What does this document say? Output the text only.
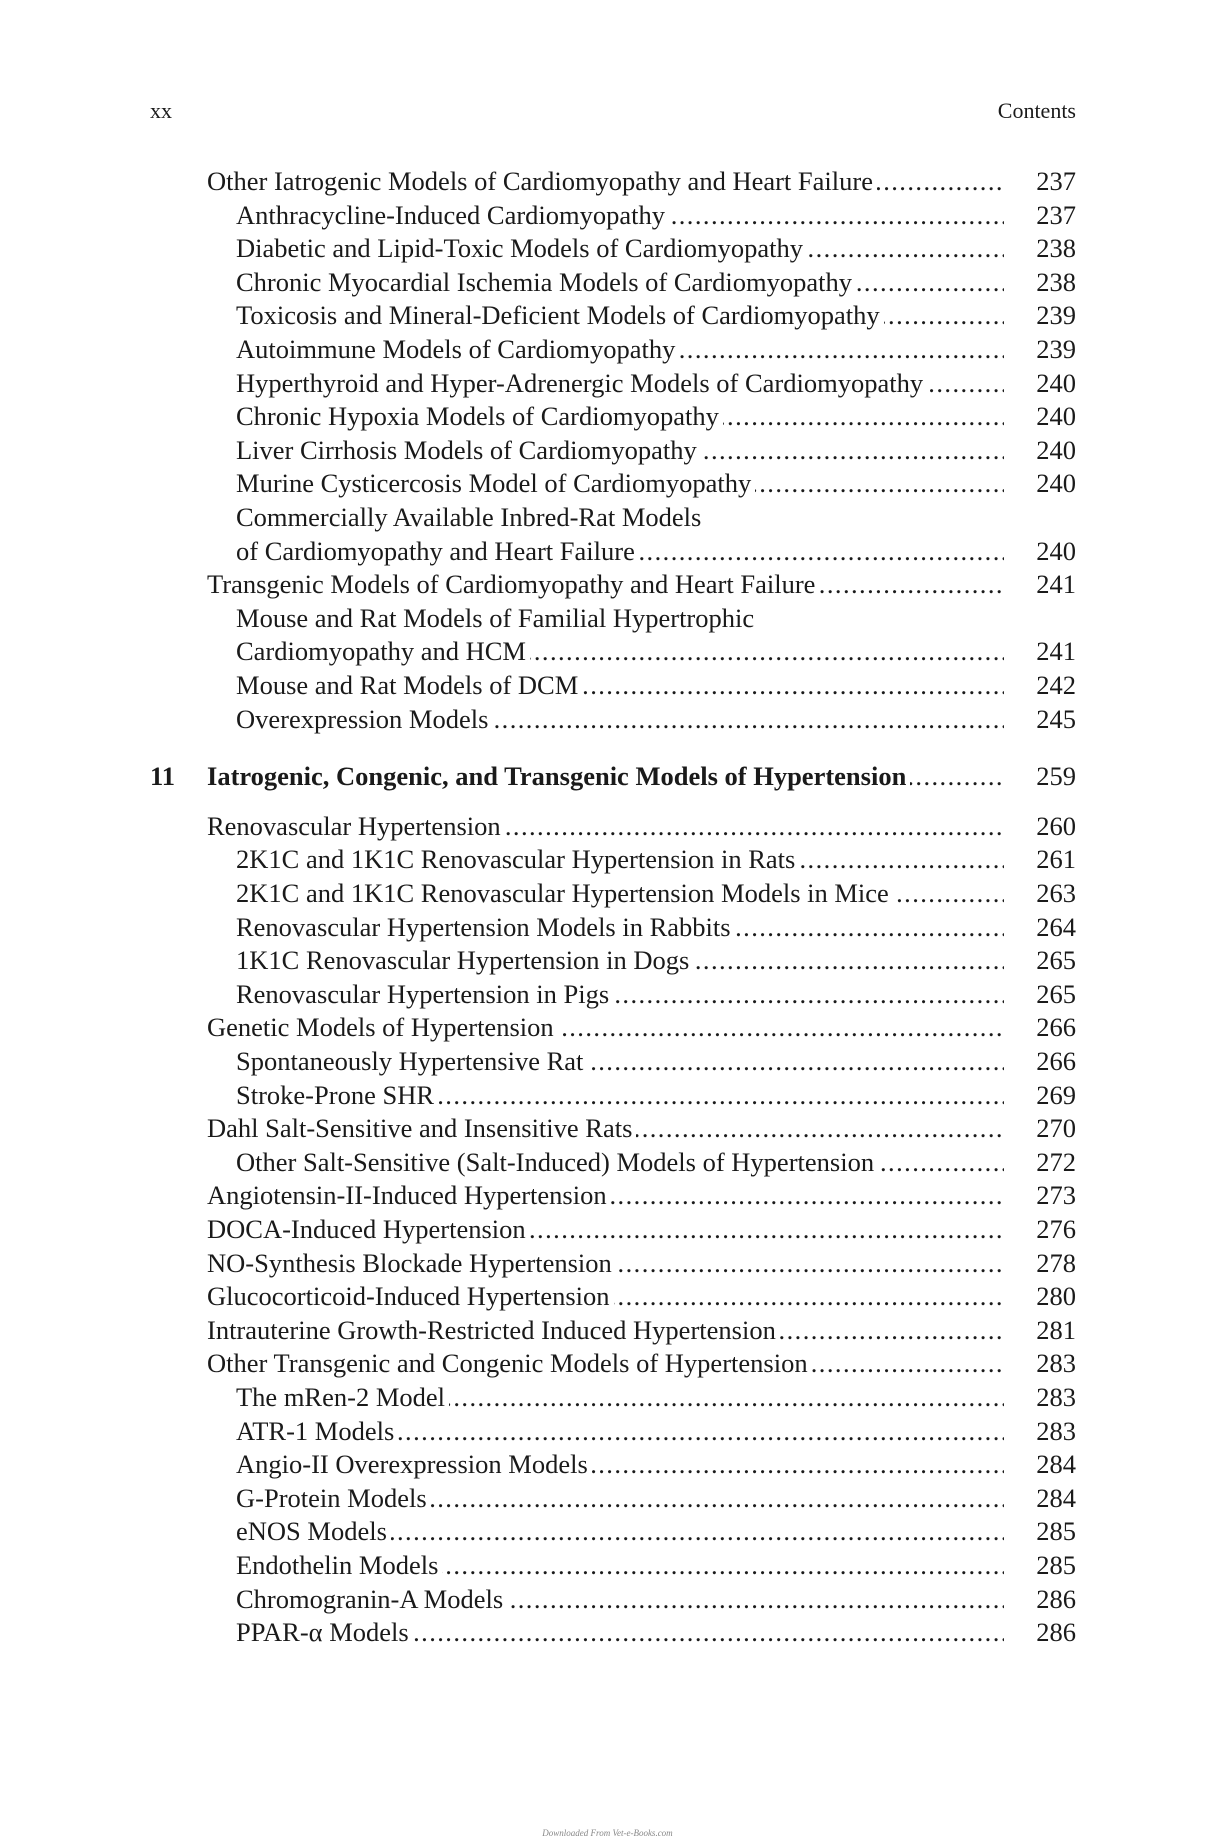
xx	Contents
Other Iatrogenic Models of Cardiomyopathy and Heart Failure . . .	237
Anthracycline-Induced Cardiomyopathy . . .	237
Diabetic and Lipid-Toxic Models of Cardiomyopathy . . .	238
Chronic Myocardial Ischemia Models of Cardiomyopathy . . .	238
Toxicosis and Mineral-Deficient Models of Cardiomyopathy . . .	239
Autoimmune Models of Cardiomyopathy . . .	239
Hyperthyroid and Hyper-Adrenergic Models of Cardiomyopathy . . .	240
Chronic Hypoxia Models of Cardiomyopathy . . .	240
Liver Cirrhosis Models of Cardiomyopathy . . .	240
Murine Cysticercosis Model of Cardiomyopathy . . .	240
Commercially Available Inbred-Rat Models
of Cardiomyopathy and Heart Failure . . .	240
Transgenic Models of Cardiomyopathy and Heart Failure . . .	241
Mouse and Rat Models of Familial Hypertrophic
Cardiomyopathy and HCM . . .	241
Mouse and Rat Models of DCM . . .	242
Overexpression Models . . .	245
11 Iatrogenic, Congenic, and Transgenic Models of Hypertension . . .	259
Renovascular Hypertension . . .	260
2K1C and 1K1C Renovascular Hypertension in Rats . . .	261
2K1C and 1K1C Renovascular Hypertension Models in Mice . . .	263
Renovascular Hypertension Models in Rabbits . . .	264
1K1C Renovascular Hypertension in Dogs . . .	265
Renovascular Hypertension in Pigs . . .	265
Genetic Models of Hypertension . . .	266
Spontaneously Hypertensive Rat . . .	266
Stroke-Prone SHR . . .	269
Dahl Salt-Sensitive and Insensitive Rats . . .	270
Other Salt-Sensitive (Salt-Induced) Models of Hypertension . . .	272
Angiotensin-II-Induced Hypertension . . .	273
DOCA-Induced Hypertension . . .	276
NO-Synthesis Blockade Hypertension . . .	278
Glucocorticoid-Induced Hypertension . . .	280
Intrauterine Growth-Restricted Induced Hypertension . . .	281
Other Transgenic and Congenic Models of Hypertension . . .	283
The mRen-2 Model . . .	283
ATR-1 Models . . .	283
Angio-II Overexpression Models . . .	284
G-Protein Models . . .	284
eNOS Models . . .	285
Endothelin Models . . .	285
Chromogranin-A Models . . .	286
PPAR-α Models . . .	286
Downloaded From Vet-e-Books.com
